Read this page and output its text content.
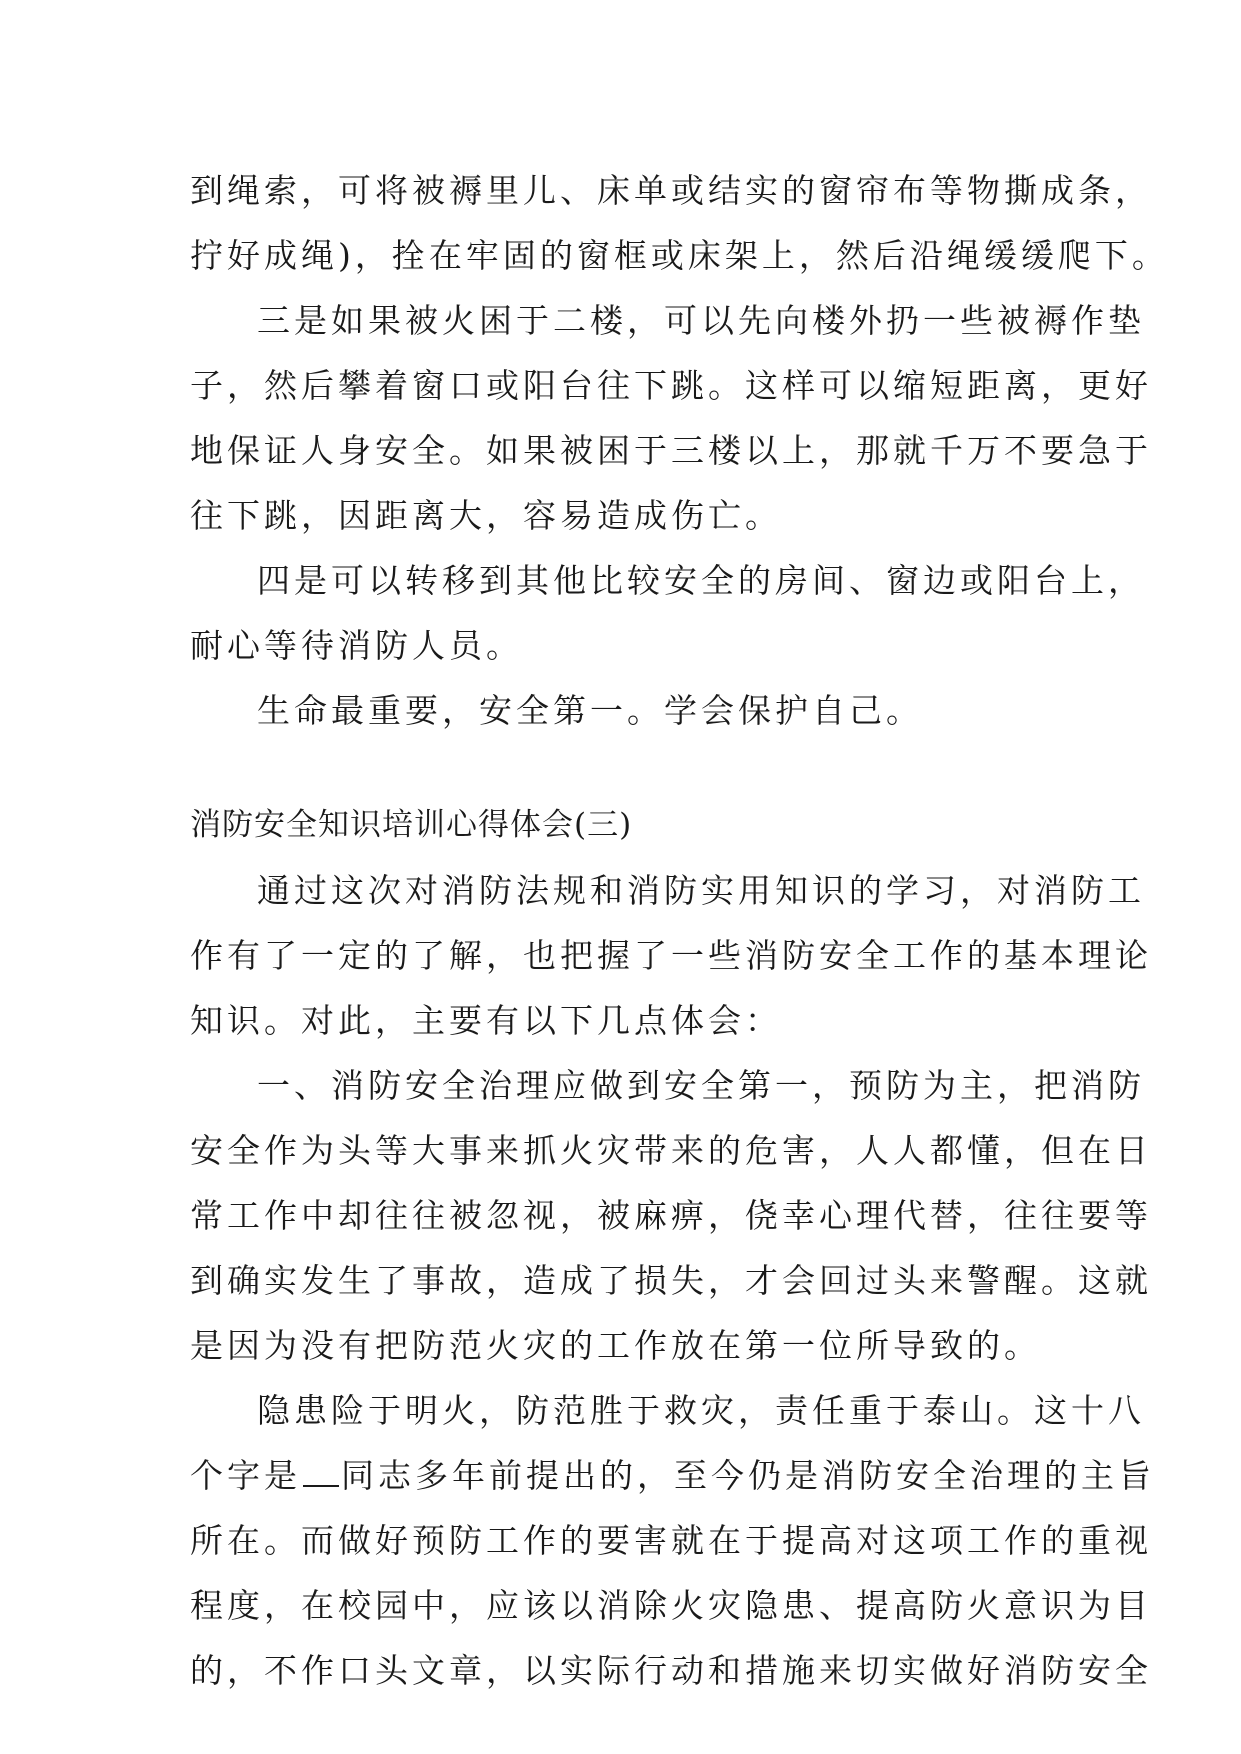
到绳索，可将被褥里儿、床单或结实的窗帘布等物撕成条，
拧好成绳)，拴在牢固的窗框或床架上，然后沿绳缓缓爬下。
三是如果被火困于二楼，可以先向楼外扔一些被褥作垫
子，然后攀着窗口或阳台往下跳。这样可以缩短距离，更好
地保证人身安全。如果被困于三楼以上，那就千万不要急于
往下跳，因距离大，容易造成伤亡。
四是可以转移到其他比较安全的房间、窗边或阳台上，
耐心等待消防人员。
生命最重要，安全第一。学会保护自己。
消防安全知识培训心得体会(三)
通过这次对消防法规和消防实用知识的学习，对消防工
作有了一定的了解，也把握了一些消防安全工作的基本理论
知识。对此，主要有以下几点体会：
一、消防安全治理应做到安全第一，预防为主，把消防
安全作为头等大事来抓火灾带来的危害，人人都懂，但在日
常工作中却往往被忽视，被麻痹，侥幸心理代替，往往要等
到确实发生了事故，造成了损失，才会回过头来警醒。这就
是因为没有把防范火灾的工作放在第一位所导致的。
隐患险于明火，防范胜于救灾，责任重于泰山。这十八
个字是 同志多年前提出的，至今仍是消防安全治理的主旨
所在。而做好预防工作的要害就在于提高对这项工作的重视
程度，在校园中，应该以消除火灾隐患、提高防火意识为目
的，不作口头文章，以实际行动和措施来切实做好消防安全
